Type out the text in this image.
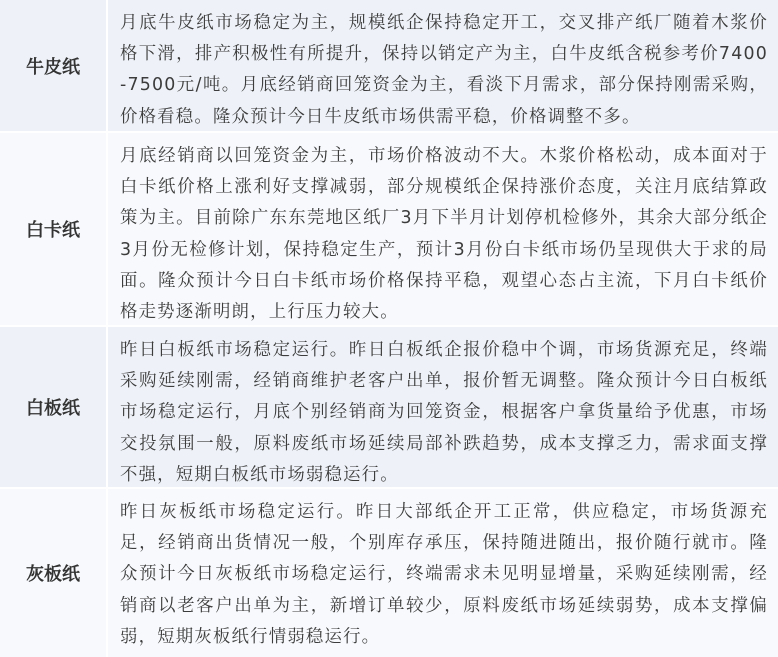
牛皮纸

月底牛皮纸市场稳定为主，规模纸企保持稳定开工，交叉排产纸厂随着木浆价格下滑，排产积极性有所提升，保持以销定产为主，白牛皮纸含税参考价7400-7500元/吨。月底经销商回笼资金为主，看淡下月需求，部分保持刚需采购，价格看稳。隆众预计今日牛皮纸市场供需平稳，价格调整不多。

白卡纸

月底经销商以回笼资金为主，市场价格波动不大。木浆价格松动，成本面对于白卡纸价格上涨利好支撑减弱，部分规模纸企保持涨价态度，关注月底结算政策为主。目前除广东东莞地区纸厂3月下半月计划停机检修外，其余大部分纸企3月份无检修计划，保持稳定生产，预计3月份白卡纸市场仍呈现供大于求的局面。隆众预计今日白卡纸市场价格保持平稳，观望心态占主流，下月白卡纸价格走势逐渐明朗，上行压力较大。

白板纸

昨日白板纸市场稳定运行。昨日白板纸企报价稳中个调，市场货源充足，终端采购延续刚需，经销商维护老客户出单，报价暂无调整。隆众预计今日白板纸市场稳定运行，月底个别经销商为回笼资金，根据客户拿货量给予优惠，市场交投氛围一般，原料废纸市场延续局部补跌趋势，成本支撑乏力，需求面支撑不强，短期白板纸市场弱稳运行。

灰板纸

昨日灰板纸市场稳定运行。昨日大部纸企开工正常，供应稳定，市场货源充足，经销商出货情况一般，个别库存承压，保持随进随出，报价随行就市。隆众预计今日灰板纸市场稳定运行，终端需求未见明显增量，采购延续刚需，经销商以老客户出单为主，新增订单较少，原料废纸市场延续弱势，成本支撑偏弱，短期灰板纸行情弱稳运行。
